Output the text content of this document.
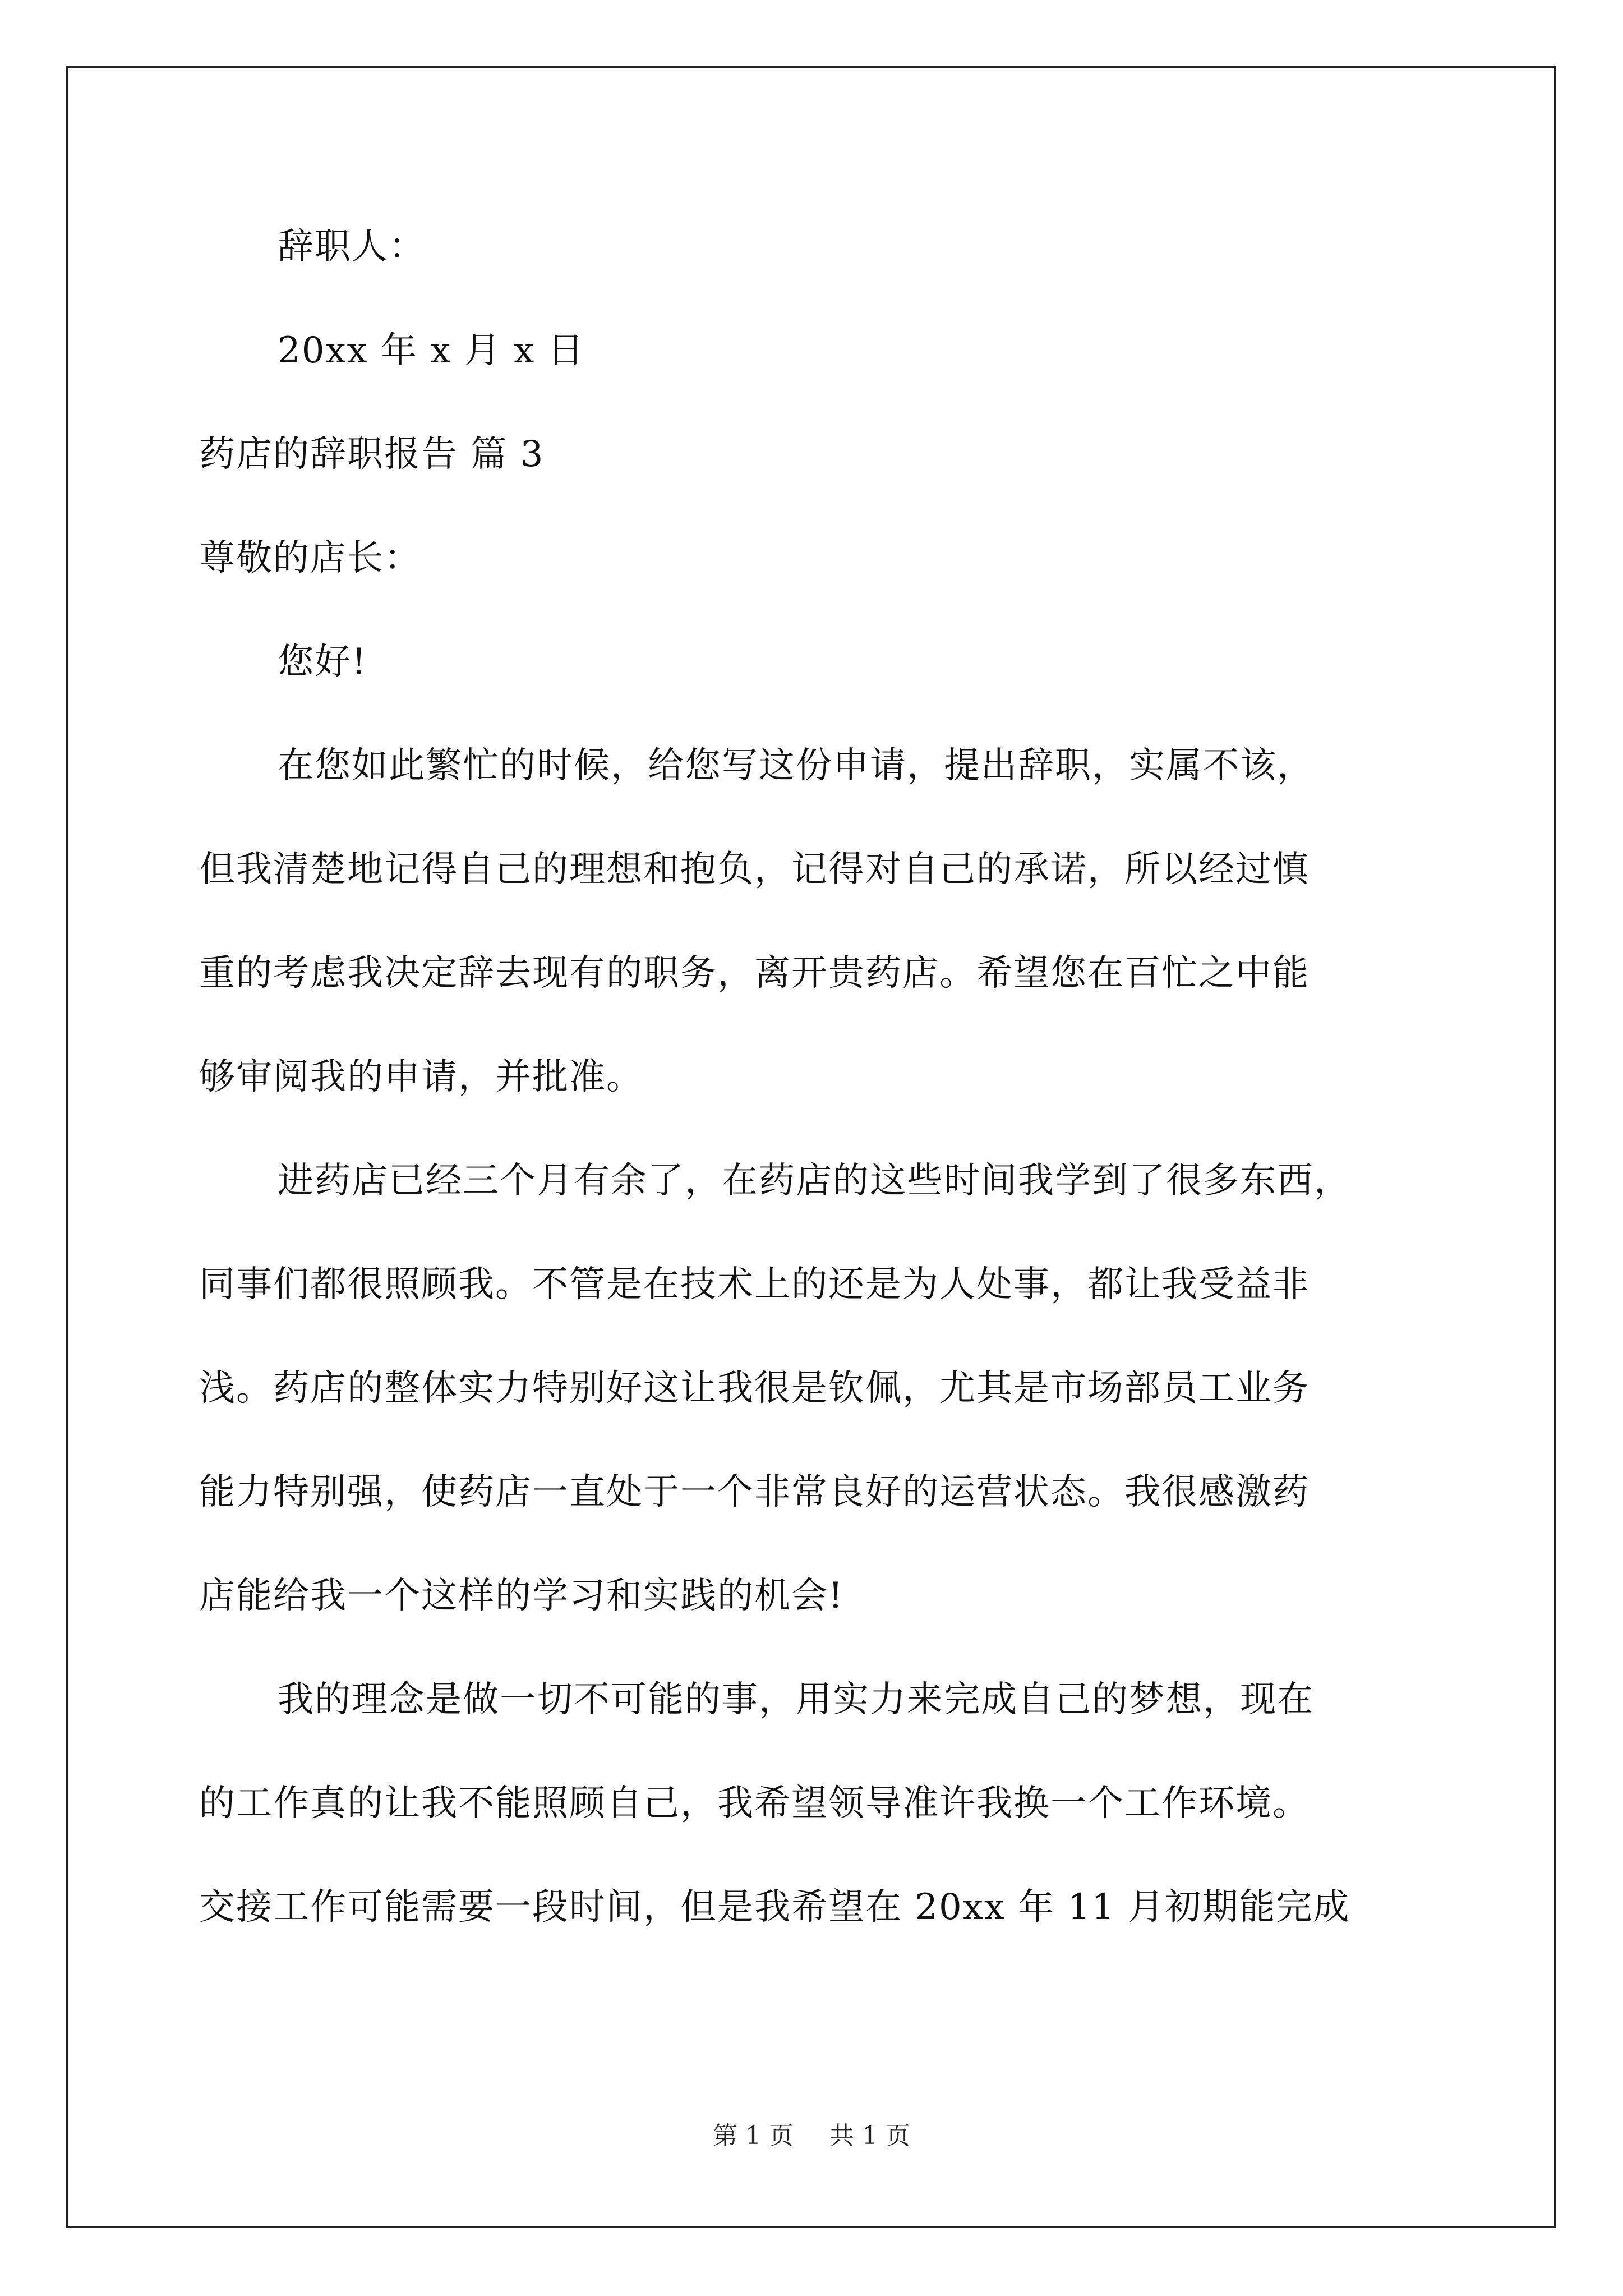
辞职人：
20xx 年 x 月 x 日
药店的辞职报告 篇 3
尊敬的店长：
您好!
在您如此繁忙的时候，给您写这份申请，提出辞职，实属不该，
但我清楚地记得自己的理想和抱负，记得对自己的承诺，所以经过慎
重的考虑我决定辞去现有的职务，离开贵药店。希望您在百忙之中能
够审阅我的申请，并批准。
进药店已经三个月有余了，在药店的这些时间我学到了很多东西，
同事们都很照顾我。不管是在技术上的还是为人处事，都让我受益非
浅。药店的整体实力特别好这让我很是钦佩，尤其是市场部员工业务
能力特别强，使药店一直处于一个非常良好的运营状态。我很感激药
店能给我一个这样的学习和实践的机会!
我的理念是做一切不可能的事，用实力来完成自己的梦想，现在
的工作真的让我不能照顾自己，我希望领导准许我换一个工作环境。
交接工作可能需要一段时间，但是我希望在 20xx 年 11 月初期能完成
第 1 页 共 1 页
